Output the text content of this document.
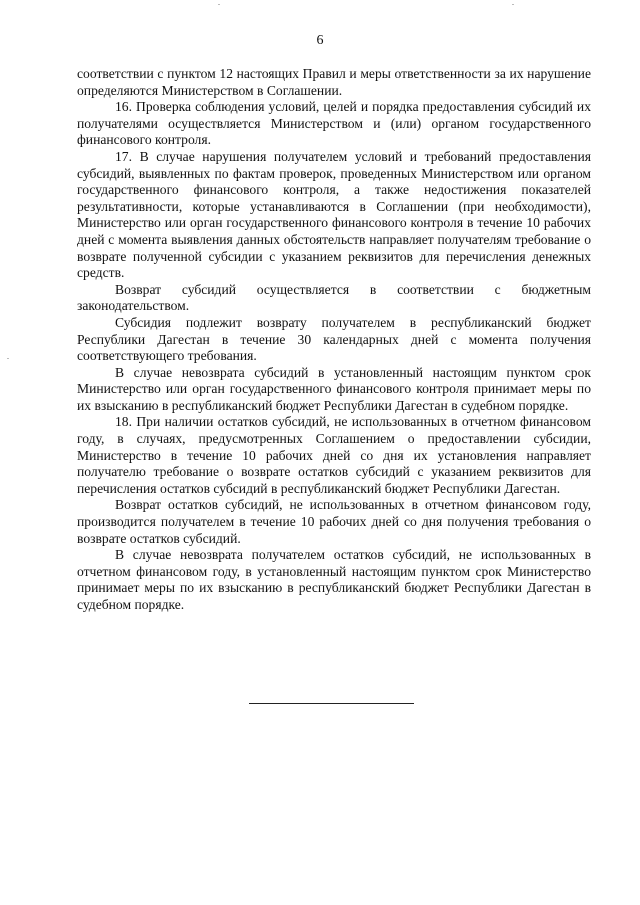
6

соответствии с пунктом 12 настоящих Правил и меры ответственности за их нарушение определяются Министерством в Соглашении.

16. Проверка соблюдения условий, целей и порядка предоставления субсидий их получателями осуществляется Министерством и (или) органом государственного финансового контроля.

17. В случае нарушения получателем условий и требований предоставления субсидий, выявленных по фактам проверок, проведенных Министерством или органом государственного финансового контроля, а также недостижения показателей результативности, которые устанавливаются в Соглашении (при необходимости), Министерство или орган государственного финансового контроля в течение 10 рабочих дней с момента выявления данных обстоятельств направляет получателям требование о возврате полученной субсидии с указанием реквизитов для перечисления денежных средств.

Возврат субсидий осуществляется в соответствии с бюджетным законодательством.

Субсидия подлежит возврату получателем в республиканский бюджет Республики Дагестан в течение 30 календарных дней с момента получения соответствующего требования.

В случае невозврата субсидий в установленный настоящим пунктом срок Министерство или орган государственного финансового контроля принимает меры по их взысканию в республиканский бюджет Республики Дагестан в судебном порядке.

18. При наличии остатков субсидий, не использованных в отчетном финансовом году, в случаях, предусмотренных Соглашением о предоставлении субсидии, Министерство в течение 10 рабочих дней со дня их установления направляет получателю требование о возврате остатков субсидий с указанием реквизитов для перечисления остатков субсидий в республиканский бюджет Республики Дагестан.

Возврат остатков субсидий, не использованных в отчетном финансовом году, производится получателем в течение 10 рабочих дней со дня получения требования о возврате остатков субсидий.

В случае невозврата получателем остатков субсидий, не использованных в отчетном финансовом году, в установленный настоящим пунктом срок Министерство принимает меры по их взысканию в республиканский бюджет Республики Дагестан в судебном порядке.
